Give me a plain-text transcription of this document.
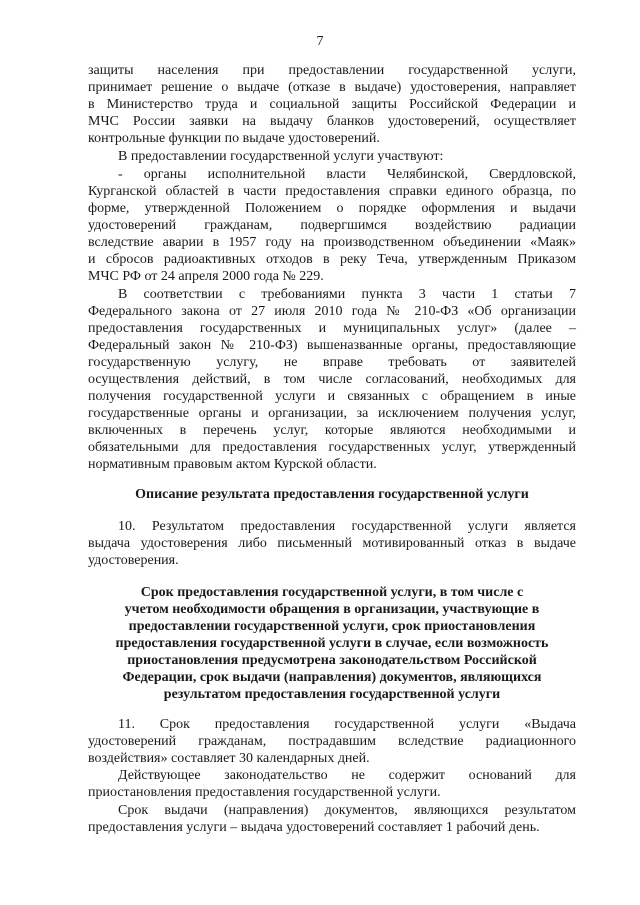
7
защиты населения при предоставлении государственной услуги,
принимает решение о выдаче (отказе в выдаче) удостоверения, направляет
в Министерство труда и социальной защиты Российской Федерации и
МЧС России заявки на выдачу бланков удостоверений, осуществляет
контрольные функции по выдаче удостоверений.
В предоставлении государственной услуги участвуют:
- органы исполнительной власти Челябинской, Свердловской,
Курганской областей в части предоставления справки единого образца, по
форме, утвержденной Положением о порядке оформления и выдачи
удостоверений гражданам, подвергшимся воздействию радиации
вследствие аварии в 1957 году на производственном объединении «Маяк»
и сбросов радиоактивных отходов в реку Теча, утвержденным Приказом
МЧС РФ от 24 апреля 2000 года № 229.
В соответствии с требованиями пункта 3 части 1 статьи 7
Федерального закона от 27 июля 2010 года № 210-ФЗ «Об организации
предоставления государственных и муниципальных услуг» (далее –
Федеральный закон № 210-ФЗ) вышеназванные органы, предоставляющие
государственную услугу, не вправе требовать от заявителей
осуществления действий, в том числе согласований, необходимых для
получения государственной услуги и связанных с обращением в иные
государственные органы и организации, за исключением получения услуг,
включенных в перечень услуг, которые являются необходимыми и
обязательными для предоставления государственных услуг, утвержденный
нормативным правовым актом Курской области.
Описание результата предоставления государственной услуги
10. Результатом предоставления государственной услуги является
выдача удостоверения либо письменный мотивированный отказ в выдаче
удостоверения.
Срок предоставления государственной услуги, в том числе с
учетом необходимости обращения в организации, участвующие в
предоставлении государственной услуги, срок приостановления
предоставления государственной услуги в случае, если возможность
приостановления предусмотрена законодательством Российской
Федерации, срок выдачи (направления) документов, являющихся
результатом предоставления государственной услуги
11. Срок предоставления государственной услуги «Выдача
удостоверений гражданам, пострадавшим вследствие радиационного
воздействия» составляет 30 календарных дней.
Действующее законодательство не содержит оснований для
приостановления предоставления государственной услуги.
Срок выдачи (направления) документов, являющихся результатом
предоставления услуги – выдача удостоверений составляет 1 рабочий день.
